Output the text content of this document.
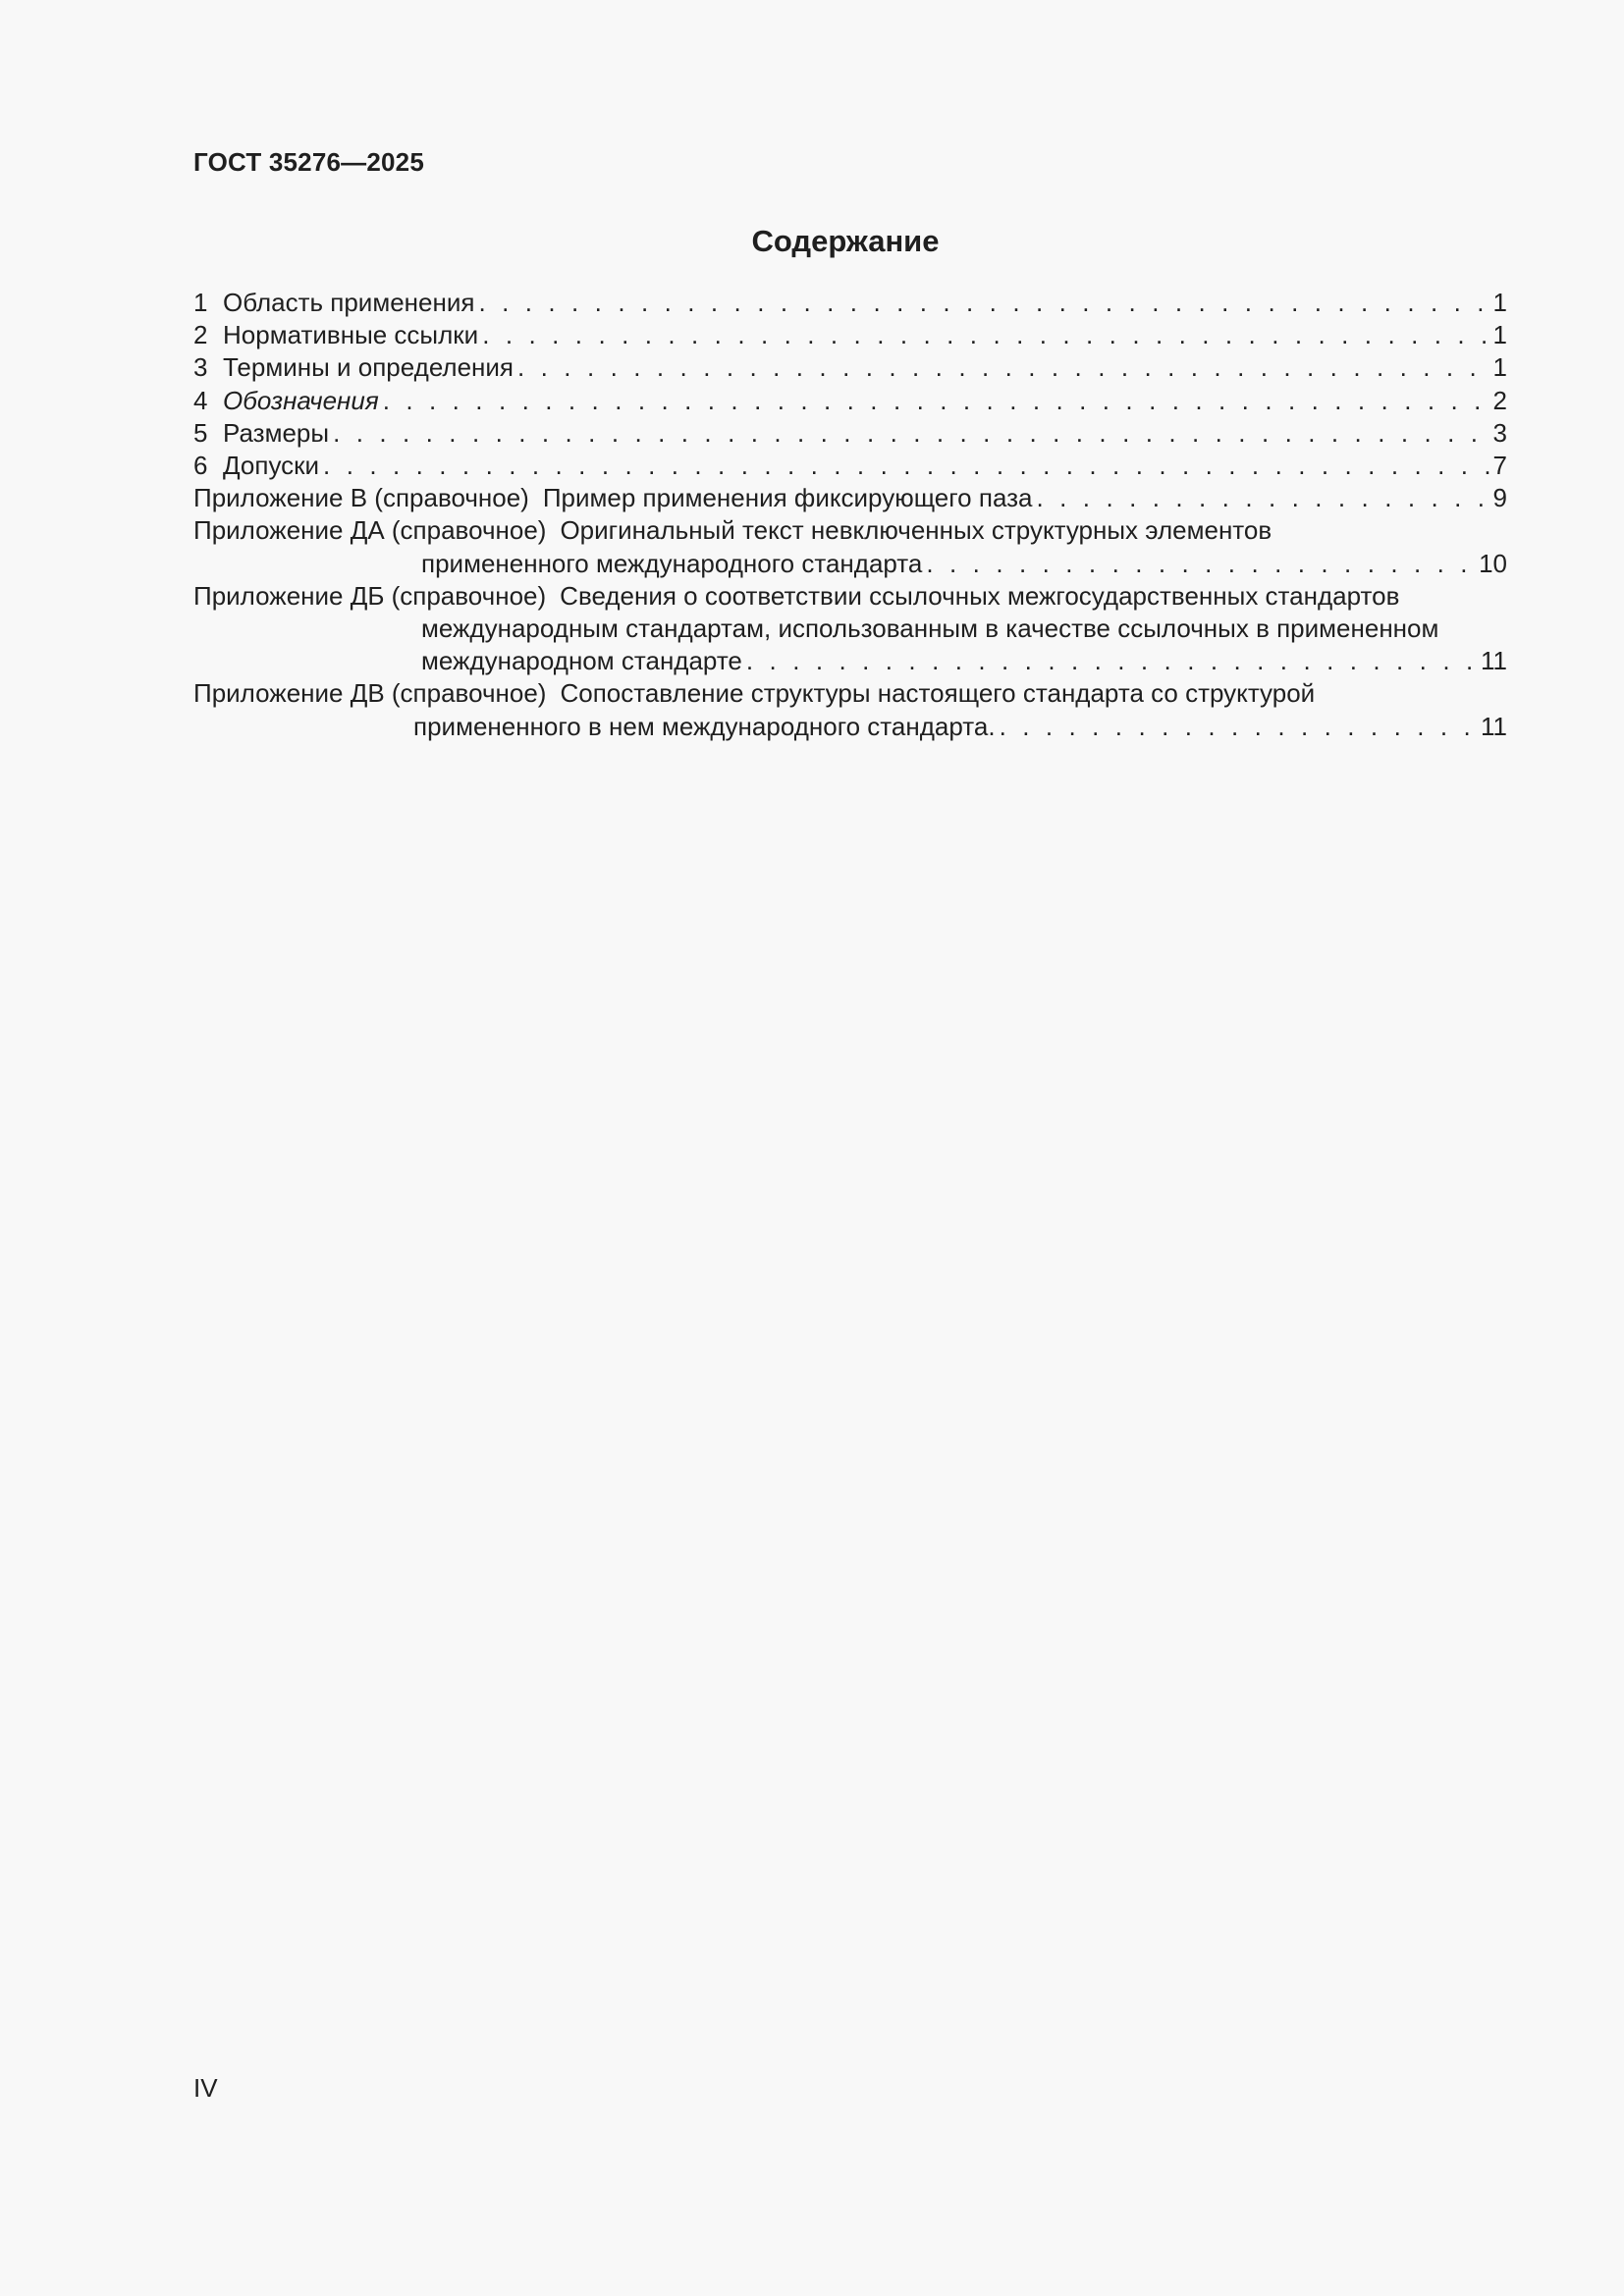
ГОСТ 35276—2025
Содержание
1 Область применения . . .	1
2 Нормативные ссылки . . .	1
3 Термины и определения . . .	1
4 Обозначения . . .	2
5 Размеры . . .	3
6 Допуски . . .	7
Приложение В (справочное) Пример применения фиксирующего паза . . .	9
Приложение ДА (справочное) Оригинальный текст невключенных структурных элементов
примененного международного стандарта . . .	10
Приложение ДБ (справочное) Сведения о соответствии ссылочных межгосударственных стандартов
международным стандартам, использованным в качестве ссылочных в примененном
международном стандарте . . .	11
Приложение ДВ (справочное) Сопоставление структуры настоящего стандарта со структурой
примененного в нем международного стандарта. . . .	11
IV
